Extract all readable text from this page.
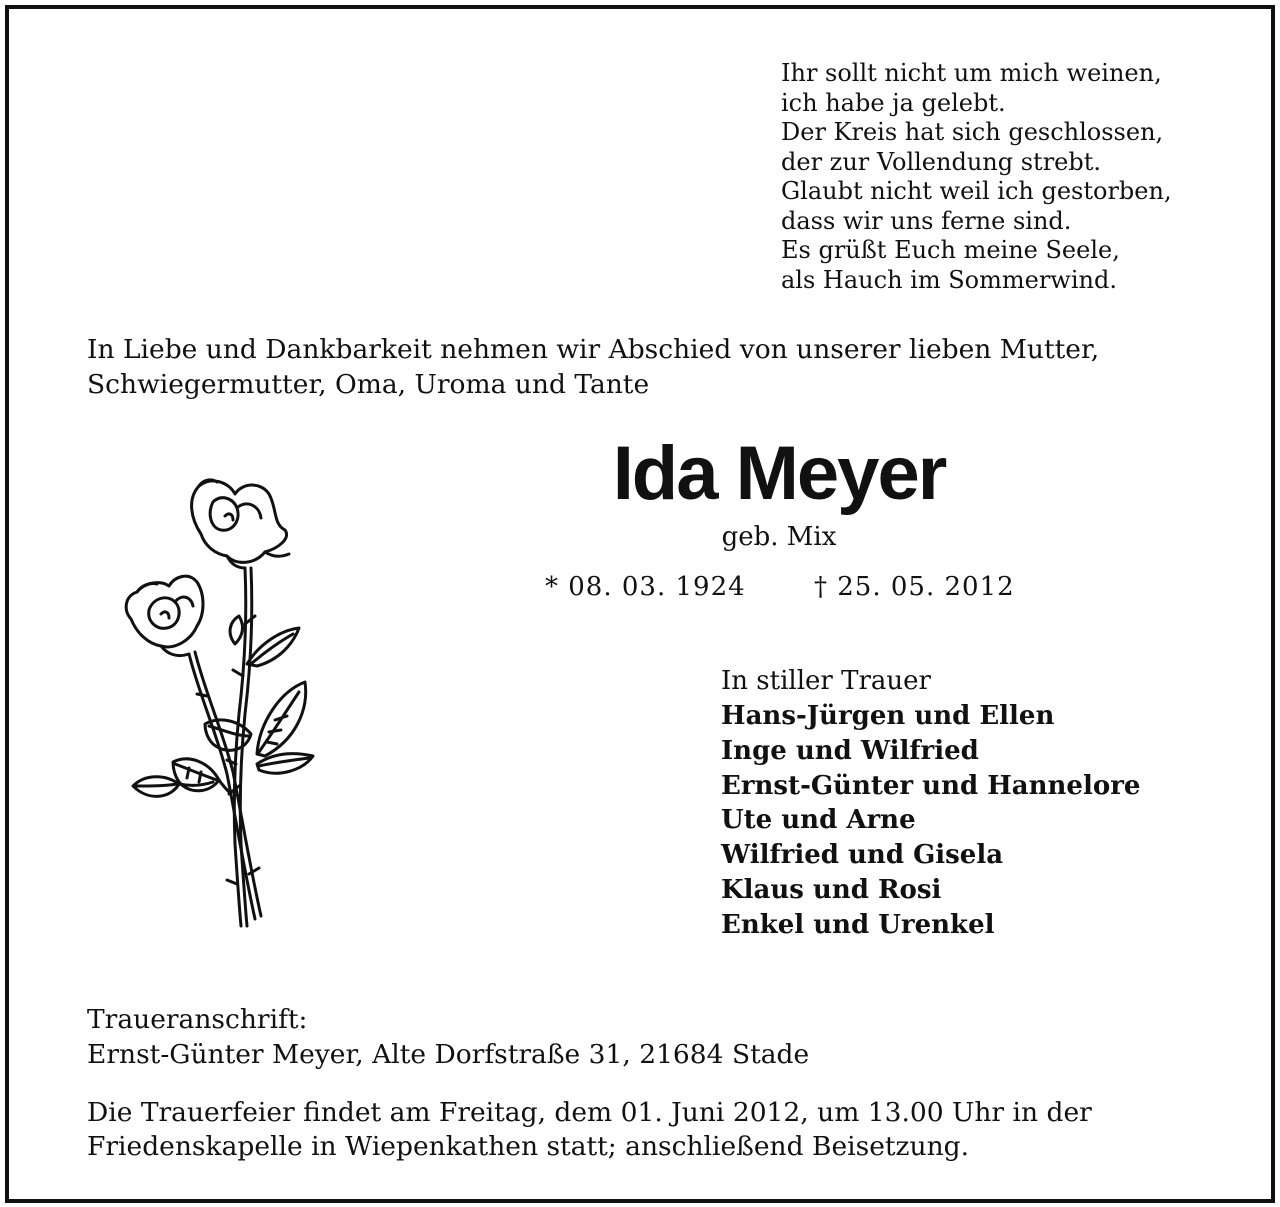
Ihr sollt nicht um mich weinen,
ich habe ja gelebt.
Der Kreis hat sich geschlossen,
der zur Vollendung strebt.
Glaubt nicht weil ich gestorben,
dass wir uns ferne sind.
Es grüßt Euch meine Seele,
als Hauch im Sommerwind.
In Liebe und Dankbarkeit nehmen wir Abschied von unserer lieben Mutter,
Schwiegermutter, Oma, Uroma und Tante
Ida Meyer
geb. Mix
* 08. 03. 1924	† 25. 05. 2012
In stiller Trauer
Hans-Jürgen und Ellen
Inge und Wilfried
Ernst-Günter und Hannelore
Ute und Arne
Wilfried und Gisela
Klaus und Rosi
Enkel und Urenkel
Traueranschrift:
Ernst-Günter Meyer, Alte Dorfstraße 31, 21684 Stade
Die Trauerfeier findet am Freitag, dem 01. Juni 2012, um 13.00 Uhr in der
Friedenskapelle in Wiepenkathen statt; anschließend Beisetzung.
